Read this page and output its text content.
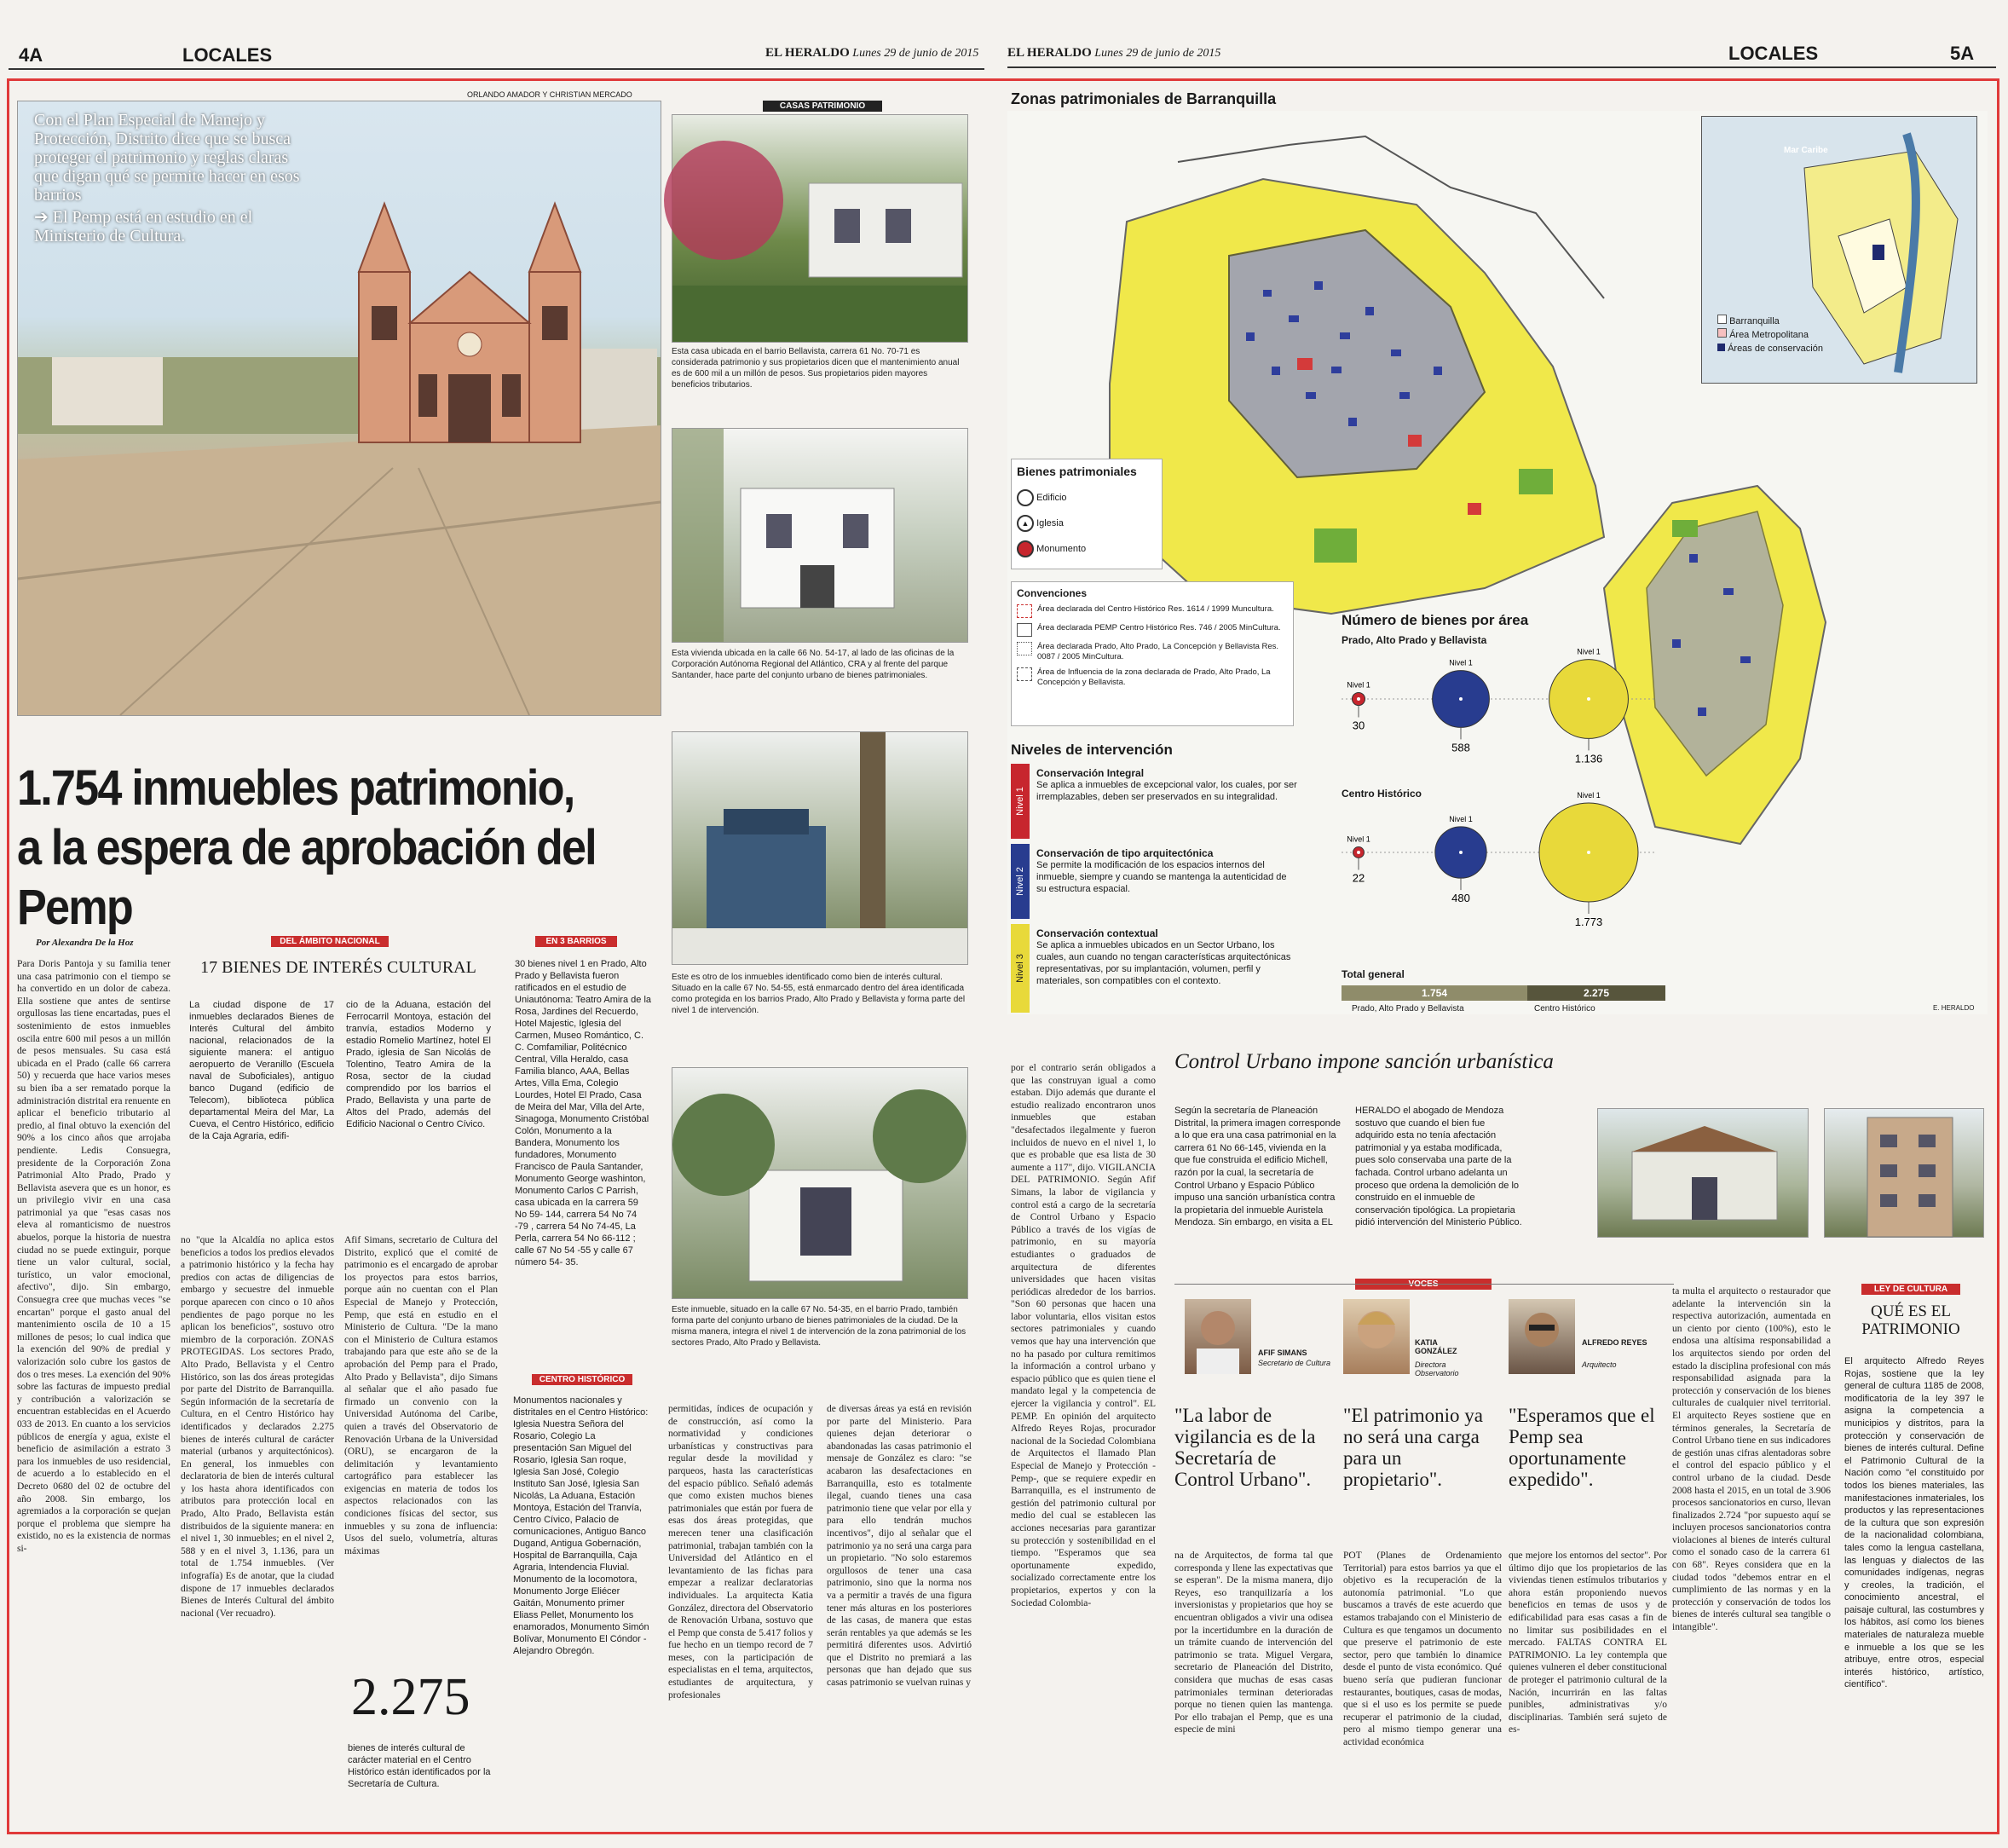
4A	LOCALES	EL HERALDO Lunes 29 de junio de 2015 EL HERALDO Lunes 29 de junio de 2015	LOCALES	5A
ORLANDO AMADOR Y CHRISTIAN MERCADO
Con el Plan Especial de Manejo y Protección, Distrito dice que se busca proteger el patrimonio y reglas claras que digan qué se permite hacer en esos barrios
➔ El Pemp está en estudio en el Ministerio de Cultura.
1.754 inmuebles patrimonio, a la espera de aprobación del Pemp
Por Alexandra De la Hoz
CASAS PATRIMONIO
Esta casa ubicada en el barrio Bellavista, carrera 61 No. 70-71 es considerada patrimonio y sus propietarios dicen que el mantenimiento anual es de 600 mil a un millón de pesos. Sus propietarios piden mayores beneficios tributarios.
Esta vivienda ubicada en la calle 66 No. 54-17, al lado de las oficinas de la Corporación Autónoma Regional del Atlántico, CRA y al frente del parque Santander, hace parte del conjunto urbano de bienes patrimoniales.
Este es otro de los inmuebles identificado como bien de interés cultural. Situado en la calle 67 No. 54-55, está enmarcado dentro del área identificada como protegida en los barrios Prado, Alto Prado y Bellavista y forma parte del nivel 1 de intervención.
Este inmueble, situado en la calle 67 No. 54-35, en el barrio Prado, también forma parte del conjunto urbano de bienes patrimoniales de la ciudad. De la misma manera, integra el nivel 1 de intervención de la zona patrimonial de los sectores Prado, Alto Prado y Bellavista.
Para Doris Pantoja y su familia tener una casa patrimonio con el tiempo se ha convertido en un dolor de cabeza. Ella sostiene que antes de sentirse orgullosas las tiene encartadas, pues el sostenimiento de estos inmuebles oscila entre 600 mil pesos a un millón de pesos mensuales. Su casa está ubicada en el Prado (calle 66 carrera 50) y recuerda que hace varios meses su bien iba a ser rematado porque la administración distrital era renuente en aplicar el beneficio tributario al predio, al final obtuvo la exención del 90% a los cinco años que arrojaba pendiente. Ledis Consuegra, presidente de la Corporación Zona Patrimonial Alto Prado, Prado y Bellavista asevera que es un honor, es un privilegio vivir en una casa patrimonial ya que "esas casas nos eleva al romanticismo de nuestros abuelos, porque la historia de nuestra ciudad no se puede extinguir, porque tiene un valor cultural, social, turístico, un valor emocional, afectivo", dijo. Sin embargo, Consuegra cree que muchas veces "se encartan" porque el gasto anual del mantenimiento oscila de 10 a 15 millones de pesos; lo cual indica que la exención del 90% de predial y valorización solo cubre los gastos de dos o tres meses. La exención del 90% sobre las facturas de impuesto predial y contribución a valorización se encuentran establecidas en el Acuerdo 033 de 2013. En cuanto a los servicios públicos de energía y agua, existe el beneficio de asimilación a estrato 3 para los inmuebles de uso residencial, de acuerdo a lo establecido en el Decreto 0680 del 02 de octubre del año 2008. Sin embargo, los agremiados a la corporación se quejan porque el problema que siempre ha existido, no es la existencia de normas si-
DEL ÁMBITO NACIONAL
17 BIENES DE INTERÉS CULTURAL
La ciudad dispone de 17 inmuebles declarados Bienes de Interés Cultural del ámbito nacional, relacionados de la siguiente manera: el antiguo aeropuerto de Veranillo (Escuela naval de Suboficiales), antiguo banco Dugand (edificio de Telecom), biblioteca pública departamental Meira del Mar, La Cueva, el Centro Histórico, edificio de la Caja Agraria, edifi-
cio de la Aduana, estación del Ferrocarril Montoya, estación del tranvía, estadios Moderno y estadio Romelio Martínez, hotel El Prado, iglesia de San Nicolás de Tolentino, Teatro Amira de la Rosa, sector de la ciudad comprendido por los barrios el Prado, Bellavista y una parte de Altos del Prado, además del Edificio Nacional o Centro Cívico.
no "que la Alcaldía no aplica estos beneficios a todos los predios elevados a patrimonio histórico y la fecha hay predios con actas de diligencias de embargo y secuestre del inmueble porque aparecen con cinco o 10 años pendientes de pago porque no les aplican los beneficios", sostuvo otro miembro de la corporación. ZONAS PROTEGIDAS. Los sectores Prado, Alto Prado, Bellavista y el Centro Histórico, son las dos áreas protegidas por parte del Distrito de Barranquilla. Según información de la secretaría de Cultura, en el Centro Histórico hay identificados y declarados 2.275 bienes de interés cultural de carácter material (urbanos y arquitectónicos). En general, los inmuebles con declaratoria de bien de interés cultural y los hasta ahora identificados con atributos para protección local en Prado, Alto Prado, Bellavista están distribuidos de la siguiente manera: en el nivel 1, 30 inmuebles; en el nivel 2, 588 y en el nivel 3, 1.136, para un total de 1.754 inmuebles. (Ver infografía) Es de anotar, que la ciudad dispone de 17 inmuebles declarados Bienes de Interés Cultural del ámbito nacional (Ver recuadro).
Afif Simans, secretario de Cultura del Distrito, explicó que el comité de patrimonio es el encargado de aprobar los proyectos para estos barrios, porque aún no cuentan con el Plan Especial de Manejo y Protección, Pemp, que está en estudio en el Ministerio de Cultura. "De la mano con el Ministerio de Cultura estamos trabajando para que este año se de la aprobación del Pemp para el Prado, Alto Prado y Bellavista", dijo Simans al señalar que el año pasado fue firmado un convenio con la Universidad Autónoma del Caribe, quien a través del Observatorio de Renovación Urbana de la Universidad (ORU), se encargaron de la delimitación y levantamiento cartográfico para establecer las exigencias en materia de todos los aspectos relacionados con las condiciones físicas del sector, sus inmuebles y su zona de influencia: Usos del suelo, volumetría, alturas máximas
EN 3 BARRIOS
30 bienes nivel 1 en Prado, Alto Prado y Bellavista fueron ratificados en el estudio de Uniautónoma: Teatro Amira de la Rosa, Jardines del Recuerdo, Hotel Majestic, Iglesia del Carmen, Museo Romántico, C. C. Comfamiliar, Politécnico Central, Villa Heraldo, casa Familia blanco, AAA, Bellas Artes, Villa Ema, Colegio Lourdes, Hotel El Prado, Casa de Meira del Mar, Villa del Arte, Sinagoga, Monumento Cristóbal Colón, Monumento a la Bandera, Monumento los fundadores, Monumento Francisco de Paula Santander, Monumento George washinton, Monumento Carlos C Parrish, casa ubicada en la carrera 59 No 59- 144, carrera 54 No 74 -79 , carrera 54 No 74-45, La Perla, carrera 54 No 66-112 ; calle 67 No 54 -55 y calle 67 número 54- 35.
CENTRO HISTÓRICO
Monumentos nacionales y distritales en el Centro Histórico: Iglesia Nuestra Señora del Rosario, Colegio La presentación San Miguel del Rosario, Iglesia San roque, Iglesia San José, Colegio Instituto San José, Iglesia San Nicolás, La Aduana, Estación Montoya, Estación del Tranvía, Centro Cívico, Palacio de comunicaciones, Antiguo Banco Dugand, Antigua Gobernación, Hospital de Barranquilla, Caja Agraria, Intendencia Fluvial. Monumento de la locomotora, Monumento Jorge Eliécer Gaitán, Monumento primer Eliass Pellet, Monumento los enamorados, Monumento Simón Bolívar, Monumento El Cóndor - Alejandro Obregón.
2.275
bienes de interés cultural de carácter material en el Centro Histórico están identificados por la Secretaría de Cultura.
permitidas, índices de ocupación y de construcción, así como la normatividad y condiciones urbanísticas y constructivas para regular desde la movilidad y parqueos, hasta las características del espacio público. Señaló además que como existen muchos bienes patrimoniales que están por fuera de esas dos áreas protegidas, que merecen tener una clasificación patrimonial, trabajan también con la Universidad del Atlántico en el levantamiento de las fichas para empezar a realizar declaratorias individuales. La arquitecta Katia González, directora del Observatorio de Renovación Urbana, sostuvo que el Pemp que consta de 5.417 folios y fue hecho en un tiempo record de 7 meses, con la participación de especialistas en el tema, arquitectos, estudiantes de arquitectura, y profesionales
de diversas áreas ya está en revisión por parte del Ministerio. Para quienes dejan deteriorar o abandonadas las casas patrimonio el mensaje de González es claro: "se acabaron las desafectaciones en Barranquilla, esto es totalmente ilegal, cuando tienes una casa patrimonio tiene que velar por ella y para ello tendrán muchos incentivos", dijo al señalar que el patrimonio ya no será una carga para un propietario. "No solo estaremos orgullosos de tener una casa patrimonio, sino que la norma nos va a permitir a través de una figura tener más alturas en los posteriores de las casas, de manera que estas serán rentables ya que además se les permitirá diferentes usos. Advirtió que el Distrito no premiará a las personas que han dejado que sus casas patrimonio se vuelvan ruinas y
Zonas patrimoniales de Barranquilla
Mar Caribe
Barranquilla
Área Metropolitana
Áreas de conservación
Bienes patrimoniales
Edificio
▲ Iglesia
Monumento
Convenciones
Área declarada del Centro Histórico Res. 1614 / 1999 Muncultura.
Área declarada PEMP Centro Histórico Res. 746 / 2005 MinCultura.
Área declarada Prado, Alto Prado, La Concepción y Bellavista Res. 0087 / 2005 MinCultura.
Área de Influencia de la zona declarada de Prado, Alto Prado, La Concepción y Bellavista.
Niveles de intervención
Nivel 1
Conservación Integral
Se aplica a inmuebles de excepcional valor, los cuales, por ser irremplazables, deben ser preservados en su integralidad.
Nivel 2
Conservación de tipo arquitectónica
Se permite la modificación de los espacios internos del inmueble, siempre y cuando se mantenga la autenticidad de su estructura espacial.
Nivel 3
Conservación contextual
Se aplica a inmuebles ubicados en un Sector Urbano, los cuales, aun cuando no tengan características arquitectónicas representativas, por su implantación, volumen, perfil y materiales, son compatibles con el contexto.
Número de bienes por área
Prado, Alto Prado y Bellavista
Centro Histórico
30
Nivel 1
588
Nivel 1
1.136
Nivel 1
22
Nivel 1
480
Nivel 1
1.773
Nivel 1
Total general
1.754	2.275
Prado, Alto Prado y Bellavista	Centro Histórico	E. HERALDO
por el contrario serán obligados a que las construyan igual a como estaban. Dijo además que durante el estudio realizado encontraron unos inmuebles que estaban "desafectados ilegalmente y fueron incluidos de nuevo en el nivel 1, lo que es probable que esa lista de 30 aumente a 117", dijo. VIGILANCIA DEL PATRIMONIO. Según Afif Simans, la labor de vigilancia y control está a cargo de la secretaría de Control Urbano y Espacio Público a través de los vigías de patrimonio, en su mayoría estudiantes o graduados de arquitectura de diferentes universidades que hacen visitas periódicas alrededor de los barrios. "Son 60 personas que hacen una labor voluntaria, ellos visitan estos sectores patrimoniales y cuando vemos que hay una intervención que no ha pasado por cultura remitimos la información a control urbano y espacio público que es quien tiene el mandato legal y la competencia de ejercer la vigilancia y control". EL PEMP. En opinión del arquitecto Alfredo Reyes Rojas, procurador nacional de la Sociedad Colombiana de Arquitectos el llamado Plan Especial de Manejo y Protección -Pemp-, que se requiere expedir en Barranquilla, es el instrumento de gestión del patrimonio cultural por medio del cual se establecen las acciones necesarias para garantizar su protección y sostenibilidad en el tiempo. "Esperamos que sea oportunamente expedido, socializado correctamente entre los propietarios, expertos y con la Sociedad Colombia-
Control Urbano impone sanción urbanística
Según la secretaría de Planeación Distrital, la primera imagen corresponde a lo que era una casa patrimonial en la carrera 61 No 66-145, vivienda en la que fue construida el edificio Michell, razón por la cual, la secretaría de Control Urbano y Espacio Público impuso una sanción urbanística contra la propietaria del inmueble Auristela Mendoza. Sin embargo, en visita a EL
HERALDO el abogado de Mendoza sostuvo que cuando el bien fue adquirido esta no tenía afectación patrimonial y ya estaba modificada, pues solo conservaba una parte de la fachada. Control urbano adelanta un proceso que ordena la demolición de lo construido en el inmueble de conservación tipológica. La propietaria pidió intervención del Ministerio Público.
AFIF SIMANS
Secretario de Cultura
"La labor de vigilancia es de la Secretaría de Control Urbano".
KATIA GONZÁLEZ
Directora Observatorio
"El patrimonio ya no será una carga para un propietario".
ALFREDO REYES
Arquitecto
"Esperamos que el Pemp sea oportunamente expedido".
na de Arquitectos, de forma tal que corresponda y llene las expectativas que se esperan". De la misma manera, dijo Reyes, eso tranquilizaría a los inversionistas y propietarios que hoy se encuentran obligados a vivir una odisea por la incertidumbre en la duración de un trámite cuando de intervención del patrimonio se trata. Miguel Vergara, secretario de Planeación del Distrito, considera que muchas de esas casas patrimoniales terminan deterioradas porque no tienen quien las mantenga. Por ello trabajan el Pemp, que es una especie de mini
POT (Planes de Ordenamiento Territorial) para estos barrios ya que el objetivo es la recuperación de la autonomía patrimonial. "Lo que buscamos a través de este acuerdo que estamos trabajando con el Ministerio de Cultura es que tengamos un documento que preserve el patrimonio de este sector, pero que también lo dinamice desde el punto de vista económico. Qué bueno sería que pudieran funcionar restaurantes, boutiques, casas de modas, que si el uso es los permite se puede recuperar el patrimonio de la ciudad, pero al mismo tiempo generar una actividad económica
que mejore los entornos del sector". Por último dijo que los propietarios de las viviendas tienen estímulos tributarios y ahora están proponiendo nuevos beneficios en temas de usos y de edificabilidad para esas casas a fin de no limitar sus posibilidades en el mercado. FALTAS CONTRA EL PATRIMONIO. La ley contempla que quienes vulneren el deber constitucional de proteger el patrimonio cultural de la Nación, incurrirán en las faltas punibles, administrativas y/o disciplinarias. También será sujeto de es-
ta multa el arquitecto o restaurador que adelante la intervención sin la respectiva autorización, aumentada en un ciento por ciento (100%), esto le endosa una altísima responsabilidad a los arquitectos siendo por orden del estado la disciplina profesional con más responsabilidad asignada para la protección y conservación de los bienes culturales de cualquier nivel territorial. El arquitecto Reyes sostiene que en términos generales, la Secretaría de Control Urbano tiene en sus indicadores de gestión unas cifras alentadoras sobre el control del espacio público y el control urbano de la ciudad. Desde 2008 hasta el 2015, en un total de 3.906 procesos sancionatorios en curso, llevan finalizados 2.724 "por supuesto aquí se incluyen procesos sancionatorios contra violaciones al bienes de interés cultural como el sonado caso de la carrera 61 con 68". Reyes considera que en la ciudad todos "debemos entrar en el cumplimiento de las normas y en la protección y conservación de todos los bienes de interés cultural sea tangible o intangible".
LEY DE CULTURA
QUÉ ES EL PATRIMONIO
El arquitecto Alfredo Reyes Rojas, sostiene que la ley general de cultura 1185 de 2008, modificatoria de la ley 397 le asigna la competencia a municipios y distritos, para la protección y conservación de bienes de interés cultural. Define el Patrimonio Cultural de la Nación como "el constituido por todos los bienes materiales, las manifestaciones inmateriales, los productos y las representaciones de la cultura que son expresión de la nacionalidad colombiana, tales como la lengua castellana, las lenguas y dialectos de las comunidades indígenas, negras y creoles, la tradición, el conocimiento ancestral, el paisaje cultural, las costumbres y los hábitos, así como los bienes materiales de naturaleza mueble e inmueble a los que se les atribuye, entre otros, especial interés histórico, artístico, científico".
